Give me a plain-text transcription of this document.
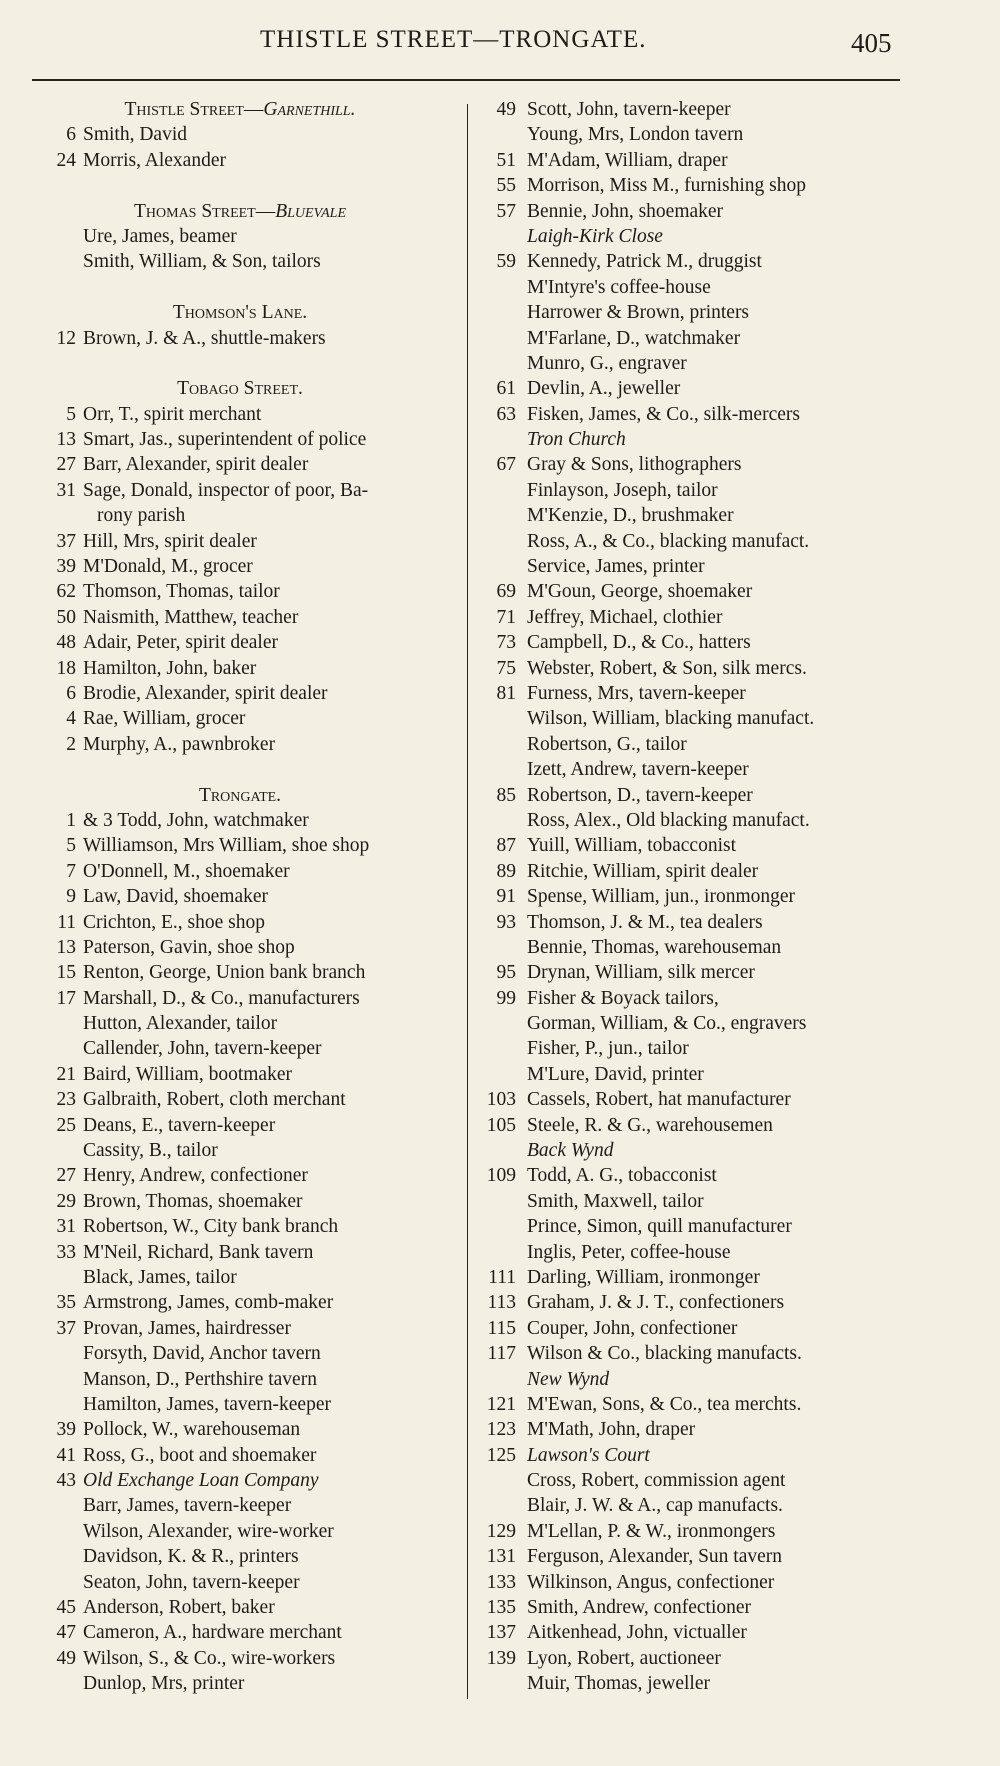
THISTLE STREET—TRONGATE.	405
Thistle Street—Garnethill.
6 Smith, David
24 Morris, Alexander
Thomas Street—Bluevale
Ure, James, beamer
Smith, William, & Son, tailors
Thomson's Lane.
12 Brown, J. & A., shuttle-makers
Tobago Street.
5 Orr, T., spirit merchant
13 Smart, Jas., superintendent of police
27 Barr, Alexander, spirit dealer
31 Sage, Donald, inspector of poor, Ba-
rony parish
37 Hill, Mrs, spirit dealer
39 M'Donald, M., grocer
62 Thomson, Thomas, tailor
50 Naismith, Matthew, teacher
48 Adair, Peter, spirit dealer
18 Hamilton, John, baker
6 Brodie, Alexander, spirit dealer
4 Rae, William, grocer
2 Murphy, A., pawnbroker
Trongate.
1 & 3 Todd, John, watchmaker
5 Williamson, Mrs William, shoe shop
7 O'Donnell, M., shoemaker
9 Law, David, shoemaker
11 Crichton, E., shoe shop
13 Paterson, Gavin, shoe shop
15 Renton, George, Union bank branch
17 Marshall, D., & Co., manufacturers
Hutton, Alexander, tailor
Callender, John, tavern-keeper
21 Baird, William, bootmaker
23 Galbraith, Robert, cloth merchant
25 Deans, E., tavern-keeper
Cassity, B., tailor
27 Henry, Andrew, confectioner
29 Brown, Thomas, shoemaker
31 Robertson, W., City bank branch
33 M'Neil, Richard, Bank tavern
Black, James, tailor
35 Armstrong, James, comb-maker
37 Provan, James, hairdresser
Forsyth, David, Anchor tavern
Manson, D., Perthshire tavern
Hamilton, James, tavern-keeper
39 Pollock, W., warehouseman
41 Ross, G., boot and shoemaker
43 Old Exchange Loan Company
Barr, James, tavern-keeper
Wilson, Alexander, wire-worker
Davidson, K. & R., printers
Seaton, John, tavern-keeper
45 Anderson, Robert, baker
47 Cameron, A., hardware merchant
49 Wilson, S., & Co., wire-workers
Dunlop, Mrs, printer
49 Scott, John, tavern-keeper
Young, Mrs, London tavern
51 M'Adam, William, draper
55 Morrison, Miss M., furnishing shop
57 Bennie, John, shoemaker
Laigh-Kirk Close
59 Kennedy, Patrick M., druggist
M'Intyre's coffee-house
Harrower & Brown, printers
M'Farlane, D., watchmaker
Munro, G., engraver
61 Devlin, A., jeweller
63 Fisken, James, & Co., silk-mercers
Tron Church
67 Gray & Sons, lithographers
Finlayson, Joseph, tailor
M'Kenzie, D., brushmaker
Ross, A., & Co., blacking manufact.
Service, James, printer
69 M'Goun, George, shoemaker
71 Jeffrey, Michael, clothier
73 Campbell, D., & Co., hatters
75 Webster, Robert, & Son, silk mercs.
81 Furness, Mrs, tavern-keeper
Wilson, William, blacking manufact.
Robertson, G., tailor
Izett, Andrew, tavern-keeper
85 Robertson, D., tavern-keeper
Ross, Alex., Old blacking manufact.
87 Yuill, William, tobacconist
89 Ritchie, William, spirit dealer
91 Spense, William, jun., ironmonger
93 Thomson, J. & M., tea dealers
Bennie, Thomas, warehouseman
95 Drynan, William, silk mercer
99 Fisher & Boyack tailors,
Gorman, William, & Co., engravers
Fisher, P., jun., tailor
M'Lure, David, printer
103 Cassels, Robert, hat manufacturer
105 Steele, R. & G., warehousemen
Back Wynd
109 Todd, A. G., tobacconist
Smith, Maxwell, tailor
Prince, Simon, quill manufacturer
Inglis, Peter, coffee-house
111 Darling, William, ironmonger
113 Graham, J. & J. T., confectioners
115 Couper, John, confectioner
117 Wilson & Co., blacking manufacts.
New Wynd
121 M'Ewan, Sons, & Co., tea merchts.
123 M'Math, John, draper
125 Lawson's Court
Cross, Robert, commission agent
Blair, J. W. & A., cap manufacts.
129 M'Lellan, P. & W., ironmongers
131 Ferguson, Alexander, Sun tavern
133 Wilkinson, Angus, confectioner
135 Smith, Andrew, confectioner
137 Aitkenhead, John, victualler
139 Lyon, Robert, auctioneer
Muir, Thomas, jeweller
